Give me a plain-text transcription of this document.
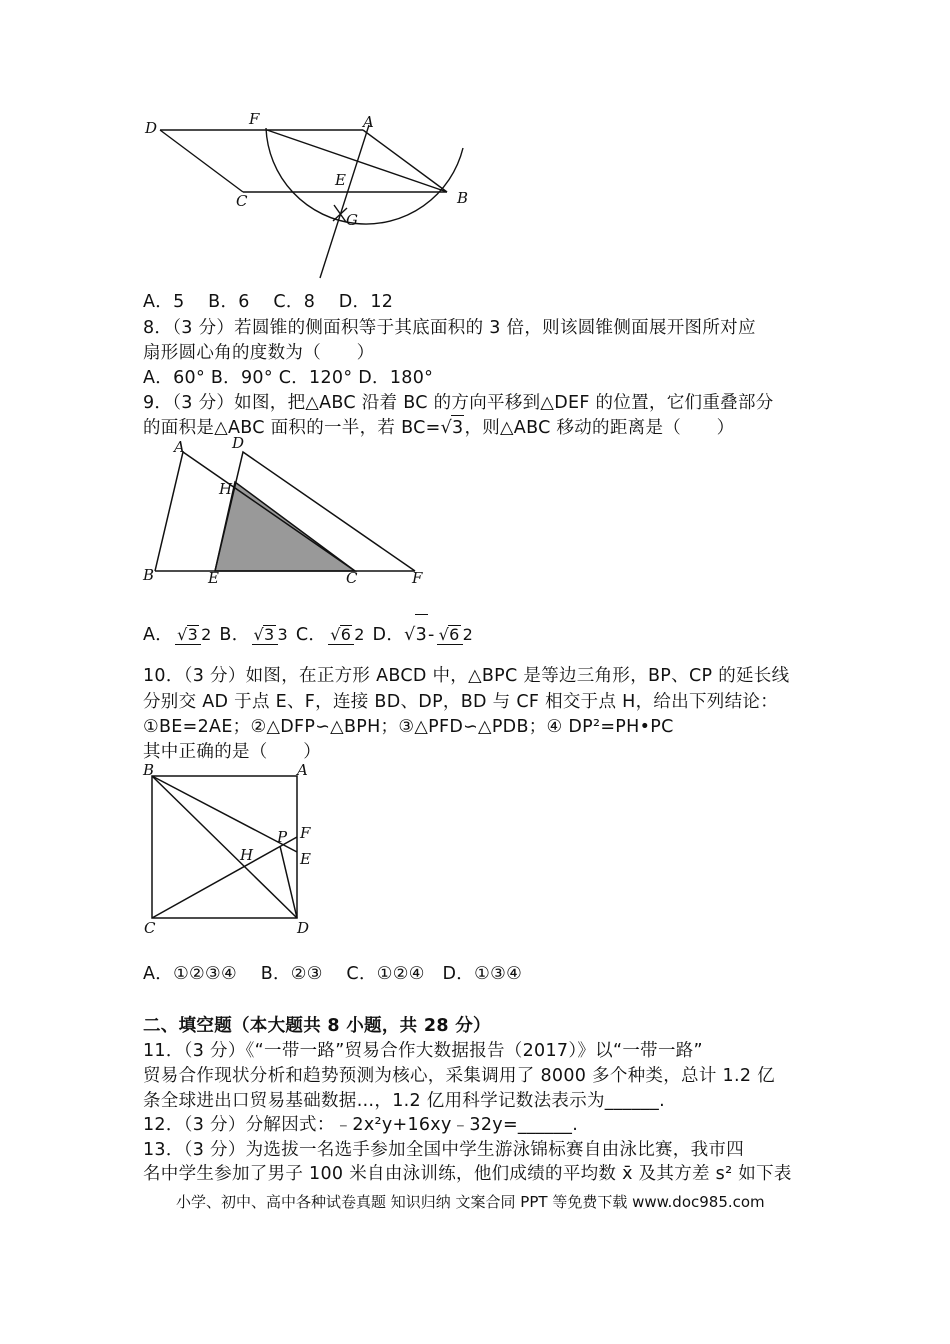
D	F	A
E
C	B
G
A．5　 B．6　 C．8　 D．12
8．（3 分）若圆锥的侧面积等于其底面积的 3 倍，则该圆锥侧面展开图所对应
扇形圆心角的度数为（　　）
A．60° B．90° C．120° D．180°
9．（3 分）如图，把△ABC 沿着 BC 的方向平移到△DEF 的位置，它们重叠部分
的面积是△ABC 面积的一半，若 BC=√3，则△ABC 移动的距离是（　　）
A	D
H
B	E	C	F
A． √3 2 B． √3 3 C． √6 2 D．√3- √6 2
10．（3 分）如图，在正方形 ABCD 中，△BPC 是等边三角形，BP、CP 的延长线
分别交 AD 于点 E、F，连接 BD、DP，BD 与 CF 相交于点 H，给出下列结论：
①BE=2AE；②△DFP∽△BPH；③△PFD∽△PDB；④ DP²=PH•PC
其中正确的是（　　）
B	A
P F
H	E
C	D
A．①②③④　 B．②③　 C．①②④　D．①③④
二、填空题（本大题共 8 小题，共 28 分）
11．（3 分）《“一带一路”贸易合作大数据报告（2017）》以“一带一路”
贸易合作现状分析和趋势预测为核心，采集调用了 8000 多个种类，总计 1.2 亿
条全球进出口贸易基础数据…，1.2 亿用科学记数法表示为______.
12．（3 分）分解因式：﹣2x²y+16xy﹣32y=______.
13．（3 分）为选拔一名选手参加全国中学生游泳锦标赛自由泳比赛，我市四
名中学生参加了男子 100 米自由泳训练，他们成绩的平均数 x̄ 及其方差 s² 如下表
小学、初中、高中各种试卷真题 知识归纳 文案合同 PPT 等免费下载 www.doc985.com
